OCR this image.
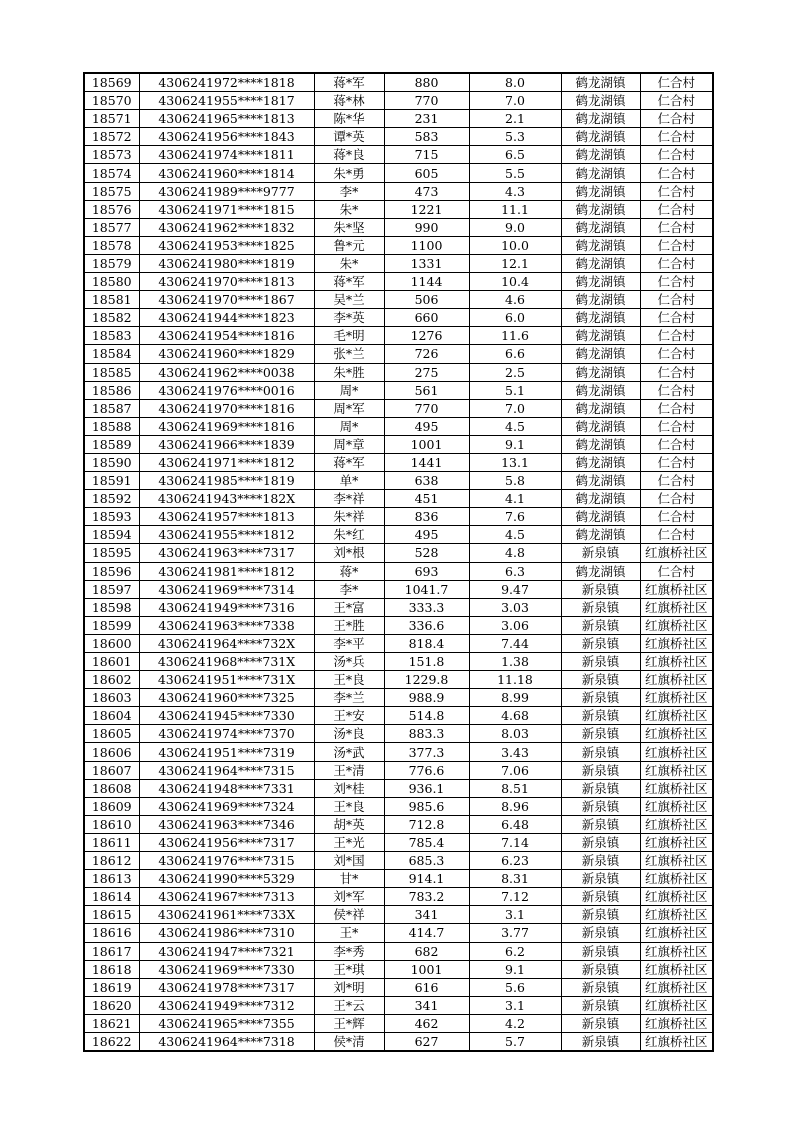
18569	4306241972****1818	蒋*军	880	8.0	鹤龙湖镇	仁合村
18570	4306241955****1817	蒋*林	770	7.0	鹤龙湖镇	仁合村
18571	4306241965****1813	陈*华	231	2.1	鹤龙湖镇	仁合村
18572	4306241956****1843	谭*英	583	5.3	鹤龙湖镇	仁合村
18573	4306241974****1811	蒋*良	715	6.5	鹤龙湖镇	仁合村
18574	4306241960****1814	朱*勇	605	5.5	鹤龙湖镇	仁合村
18575	4306241989****9777	李*	473	4.3	鹤龙湖镇	仁合村
18576	4306241971****1815	朱*	1221	11.1	鹤龙湖镇	仁合村
18577	4306241962****1832	朱*坚	990	9.0	鹤龙湖镇	仁合村
18578	4306241953****1825	鲁*元	1100	10.0	鹤龙湖镇	仁合村
18579	4306241980****1819	朱*	1331	12.1	鹤龙湖镇	仁合村
18580	4306241970****1813	蒋*军	1144	10.4	鹤龙湖镇	仁合村
18581	4306241970****1867	吴*兰	506	4.6	鹤龙湖镇	仁合村
18582	4306241944****1823	李*英	660	6.0	鹤龙湖镇	仁合村
18583	4306241954****1816	毛*明	1276	11.6	鹤龙湖镇	仁合村
18584	4306241960****1829	张*兰	726	6.6	鹤龙湖镇	仁合村
18585	4306241962****0038	朱*胜	275	2.5	鹤龙湖镇	仁合村
18586	4306241976****0016	周*	561	5.1	鹤龙湖镇	仁合村
18587	4306241970****1816	周*军	770	7.0	鹤龙湖镇	仁合村
18588	4306241969****1816	周*	495	4.5	鹤龙湖镇	仁合村
18589	4306241966****1839	周*章	1001	9.1	鹤龙湖镇	仁合村
18590	4306241971****1812	蒋*军	1441	13.1	鹤龙湖镇	仁合村
18591	4306241985****1819	单*	638	5.8	鹤龙湖镇	仁合村
18592	4306241943****182X	李*祥	451	4.1	鹤龙湖镇	仁合村
18593	4306241957****1813	朱*祥	836	7.6	鹤龙湖镇	仁合村
18594	4306241955****1812	朱*红	495	4.5	鹤龙湖镇	仁合村
18595	4306241963****7317	刘*根	528	4.8	新泉镇	红旗桥社区
18596	4306241981****1812	蒋*	693	6.3	鹤龙湖镇	仁合村
18597	4306241969****7314	李*	1041.7	9.47	新泉镇	红旗桥社区
18598	4306241949****7316	王*富	333.3	3.03	新泉镇	红旗桥社区
18599	4306241963****7338	王*胜	336.6	3.06	新泉镇	红旗桥社区
18600	4306241964****732X	李*平	818.4	7.44	新泉镇	红旗桥社区
18601	4306241968****731X	汤*兵	151.8	1.38	新泉镇	红旗桥社区
18602	4306241951****731X	王*良	1229.8	11.18	新泉镇	红旗桥社区
18603	4306241960****7325	李*兰	988.9	8.99	新泉镇	红旗桥社区
18604	4306241945****7330	王*安	514.8	4.68	新泉镇	红旗桥社区
18605	4306241974****7370	汤*良	883.3	8.03	新泉镇	红旗桥社区
18606	4306241951****7319	汤*武	377.3	3.43	新泉镇	红旗桥社区
18607	4306241964****7315	王*清	776.6	7.06	新泉镇	红旗桥社区
18608	4306241948****7331	刘*桂	936.1	8.51	新泉镇	红旗桥社区
18609	4306241969****7324	王*良	985.6	8.96	新泉镇	红旗桥社区
18610	4306241963****7346	胡*英	712.8	6.48	新泉镇	红旗桥社区
18611	4306241956****7317	王*光	785.4	7.14	新泉镇	红旗桥社区
18612	4306241976****7315	刘*国	685.3	6.23	新泉镇	红旗桥社区
18613	4306241990****5329	甘*	914.1	8.31	新泉镇	红旗桥社区
18614	4306241967****7313	刘*军	783.2	7.12	新泉镇	红旗桥社区
18615	4306241961****733X	侯*祥	341	3.1	新泉镇	红旗桥社区
18616	4306241986****7310	王*	414.7	3.77	新泉镇	红旗桥社区
18617	4306241947****7321	李*秀	682	6.2	新泉镇	红旗桥社区
18618	4306241969****7330	王*琪	1001	9.1	新泉镇	红旗桥社区
18619	4306241978****7317	刘*明	616	5.6	新泉镇	红旗桥社区
18620	4306241949****7312	王*云	341	3.1	新泉镇	红旗桥社区
18621	4306241965****7355	王*辉	462	4.2	新泉镇	红旗桥社区
18622	4306241964****7318	侯*清	627	5.7	新泉镇	红旗桥社区
